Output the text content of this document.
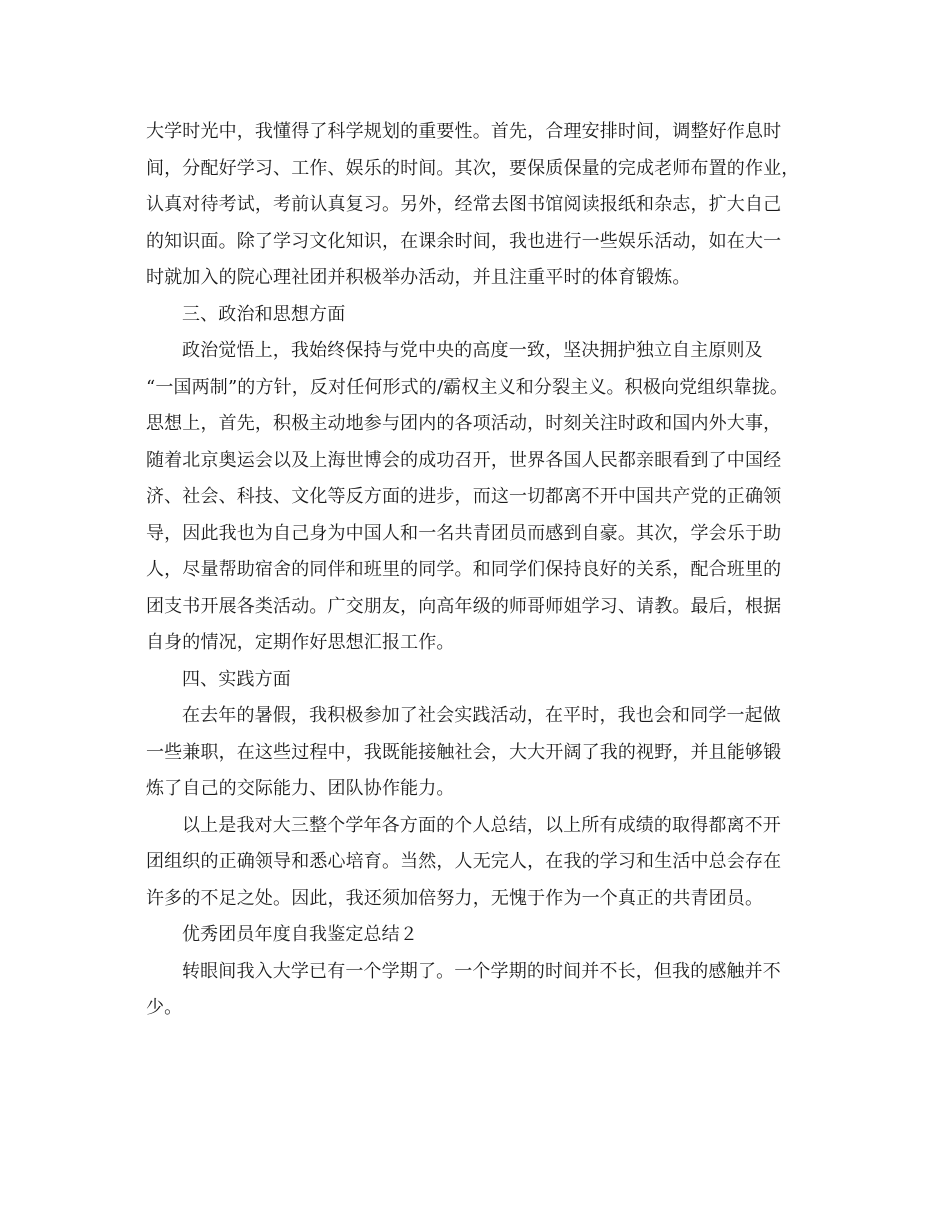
大学时光中，我懂得了科学规划的重要性。首先，合理安排时间，调整好作息时
间，分配好学习、工作、娱乐的时间。其次，要保质保量的完成老师布置的作业，
认真对待考试，考前认真复习。另外，经常去图书馆阅读报纸和杂志，扩大自己
的知识面。除了学习文化知识，在课余时间，我也进行一些娱乐活动，如在大一
时就加入的院心理社团并积极举办活动，并且注重平时的体育锻炼。
三、政治和思想方面
政治觉悟上，我始终保持与党中央的高度一致，坚决拥护独立自主原则及
“一国两制”的方针，反对任何形式的/霸权主义和分裂主义。积极向党组织靠拢。
思想上，首先，积极主动地参与团内的各项活动，时刻关注时政和国内外大事，
随着北京奥运会以及上海世博会的成功召开，世界各国人民都亲眼看到了中国经
济、社会、科技、文化等反方面的进步，而这一切都离不开中国共产党的正确领
导，因此我也为自己身为中国人和一名共青团员而感到自豪。其次，学会乐于助
人，尽量帮助宿舍的同伴和班里的同学。和同学们保持良好的关系，配合班里的
团支书开展各类活动。广交朋友，向高年级的师哥师姐学习、请教。最后，根据
自身的情况，定期作好思想汇报工作。
四、实践方面
在去年的暑假，我积极参加了社会实践活动，在平时，我也会和同学一起做
一些兼职，在这些过程中，我既能接触社会，大大开阔了我的视野，并且能够锻
炼了自己的交际能力、团队协作能力。
以上是我对大三整个学年各方面的个人总结，以上所有成绩的取得都离不开
团组织的正确领导和悉心培育。当然，人无完人，在我的学习和生活中总会存在
许多的不足之处。因此，我还须加倍努力，无愧于作为一个真正的共青团员。
优秀团员年度自我鉴定总结２
转眼间我入大学已有一个学期了。一个学期的时间并不长，但我的感触并不
少。
